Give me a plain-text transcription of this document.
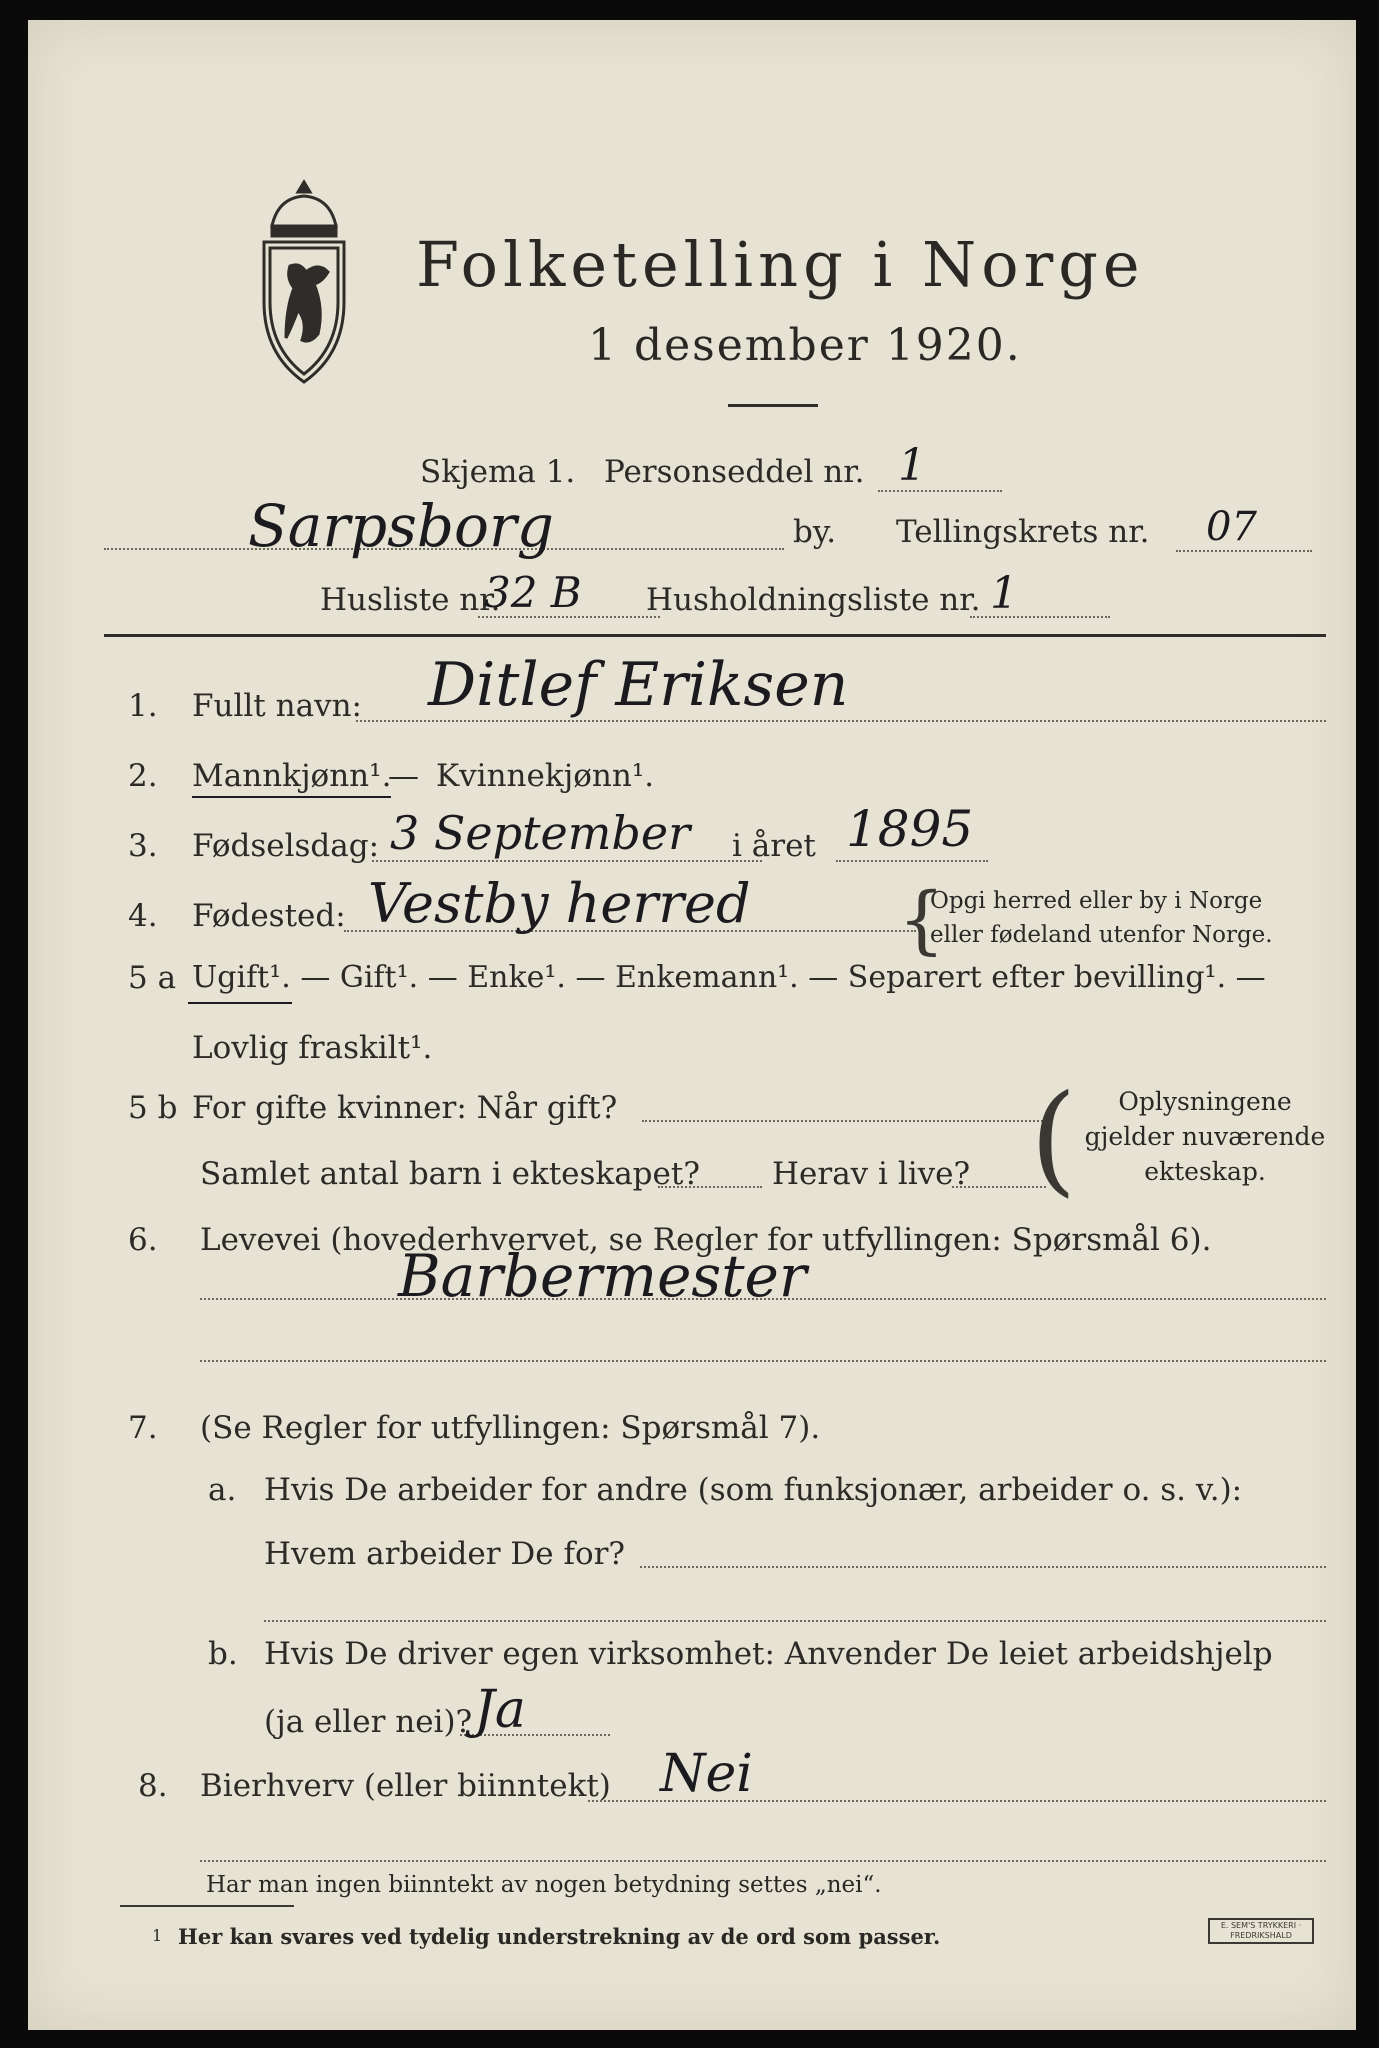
Folketelling i Norge
1 desember 1920.
Skjema 1. Personseddel nr. 1
Sarpsborg	by. Tellingskrets nr. 07
Husliste nr.
32 B Husholdningsliste nr. 1
1. Fullt navn: Ditlef Eriksen
2. Mannkjønn¹.
— Kvinnekjønn¹.
3. Fødselsdag: 3 September i året 1895
4. Fødested: Vestby herred {
Opgi herred eller by i Norge
eller fødeland utenfor Norge.
5 a Ugift¹. — Gift¹. — Enke¹. — Enkemann¹. — Separert efter bevilling¹. —
Lovlig fraskilt¹.
5 b For gifte kvinner: Når gift?
Samlet antal barn i ekteskapet? Herav i live? (	Oplysningene
gjelder nuværende
ekteskap.
6. Levevei (hovederhvervet, se Regler for utfyllingen: Spørsmål 6).
Barbermester
7. (Se Regler for utfyllingen: Spørsmål 7).
a. Hvis De arbeider for andre (som funksjonær, arbeider o. s. v.):
Hvem arbeider De for?
b. Hvis De driver egen virksomhet: Anvender De leiet arbeidshjelp
(ja eller nei)? Ja
8. Bierhverv (eller biinntekt) Nei
Har man ingen biinntekt av nogen betydning settes „nei“.
1 Her kan svares ved tydelig understrekning av de ord som passer.	E. SEM'S TRYKKERI · FREDRIKSHALD
